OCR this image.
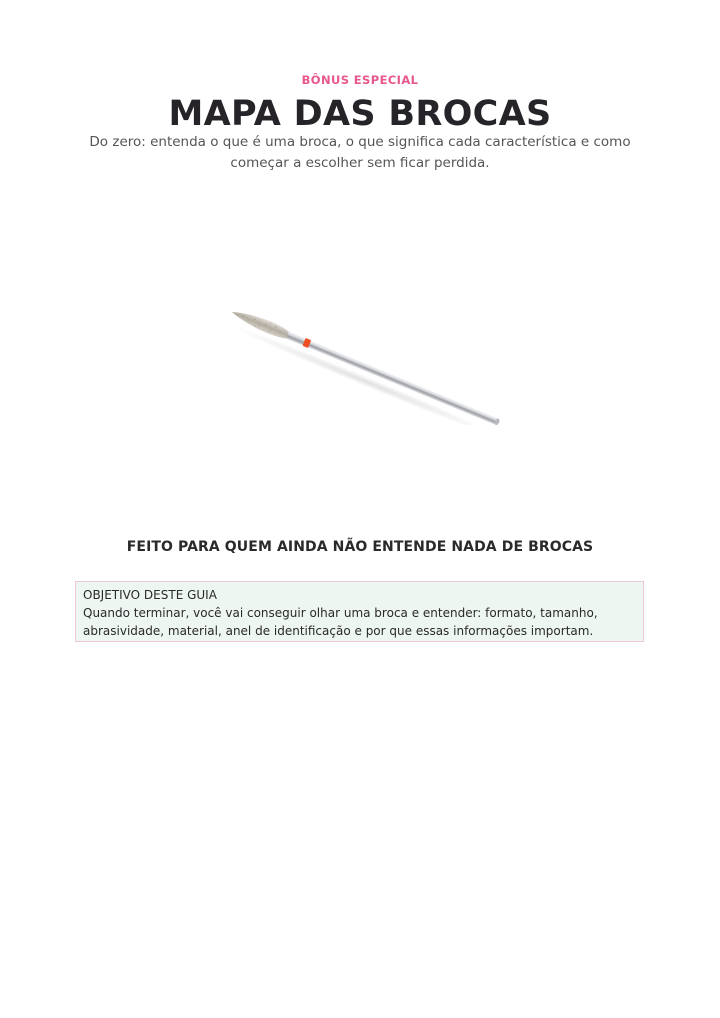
BÔNUS ESPECIAL
MAPA DAS BROCAS
Do zero: entenda o que é uma broca, o que significa cada característica e como começar a escolher sem ficar perdida.
FEITO PARA QUEM AINDA NÃO ENTENDE NADA DE BROCAS
OBJETIVO DESTE GUIA
Quando terminar, você vai conseguir olhar uma broca e entender: formato, tamanho, abrasividade, material, anel de identificação e por que essas informações importam.
